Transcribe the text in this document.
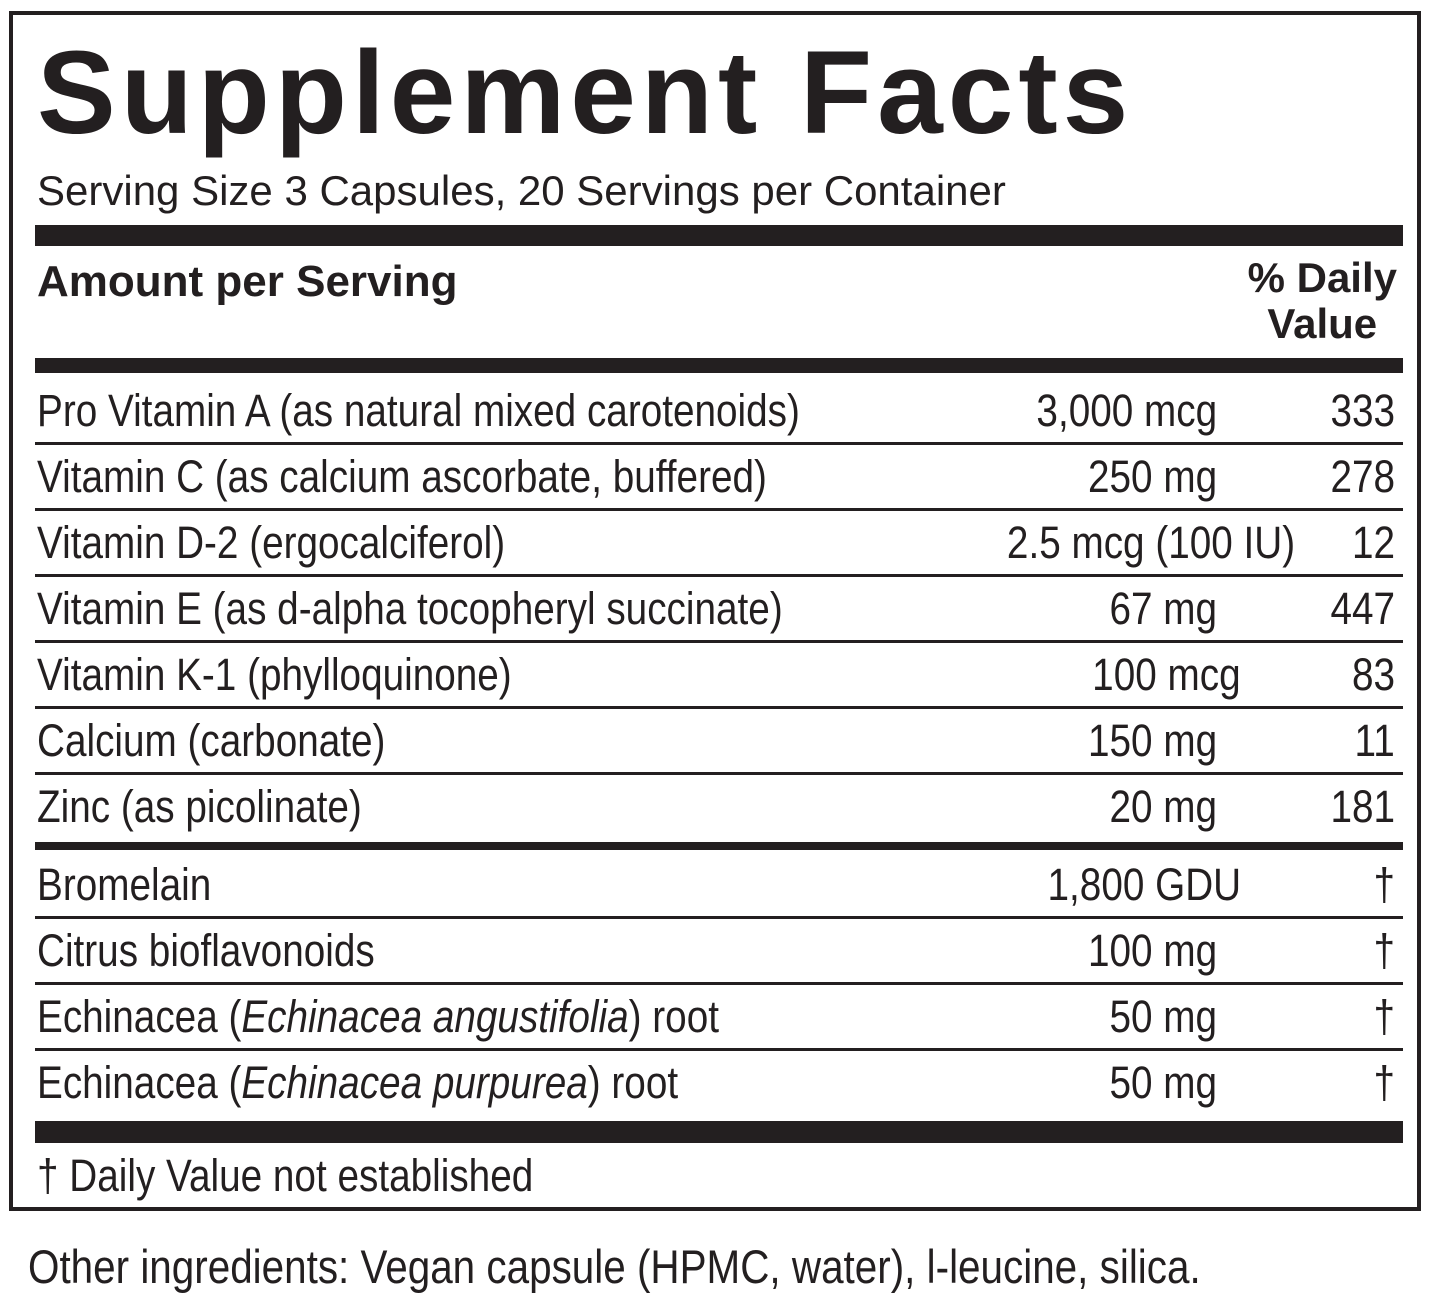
Supplement Facts
Serving Size 3 Capsules, 20 Servings per Container
Amount per Serving	% Daily
Value
Pro Vitamin A (as natural mixed carotenoids)	3,000 mcg	333
Vitamin C (as calcium ascorbate, buffered)	250 mg	278
Vitamin D-2 (ergocalciferol)	2.5 mcg (100 IU) 12
Vitamin E (as d-alpha tocopheryl succinate)	67 mg	447
Vitamin K-1 (phylloquinone)	100 mcg 83
Calcium (carbonate)	150 mg	11
Zinc (as picolinate)	20 mg	181
Bromelain	1,800 GDU	†
Citrus bioflavonoids	100 mg	†
Echinacea (Echinacea angustifolia) root	50 mg	†
Echinacea (Echinacea purpurea) root	50 mg	†
† Daily Value not established
Other ingredients: Vegan capsule (HPMC, water), l-leucine, silica.
